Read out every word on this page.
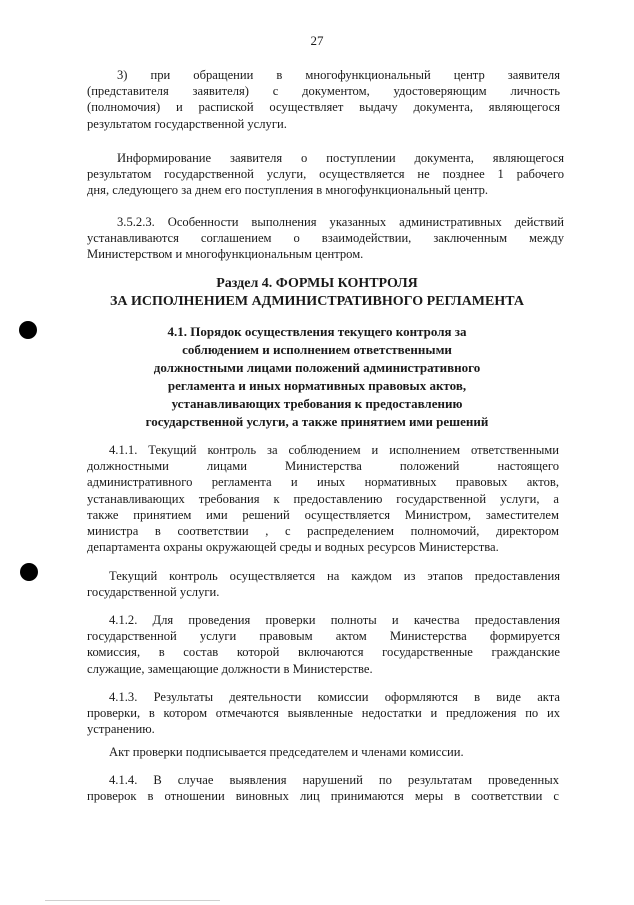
27

3) при обращении в многофункциональный центр заявителя

(представителя заявителя) с документом, удостоверяющим личность

(полномочия) и распиской осуществляет выдачу документа, являющегося

результатом государственной услуги.

Информирование заявителя о поступлении документа, являющегося

результатом государственной услуги, осуществляется не позднее 1 рабочего

дня, следующего за днем его поступления в многофункциональный центр.

3.5.2.3. Особенности выполнения указанных административных действий

устанавливаются соглашением о взаимодействии, заключенным между

Министерством и многофункциональным центром.

Раздел 4. ФОРМЫ КОНТРОЛЯ
ЗА ИСПОЛНЕНИЕМ АДМИНИСТРАТИВНОГО РЕГЛАМЕНТА
4.1. Порядок осуществления текущего контроля за
соблюдением и исполнением ответственными
должностными лицами положений административного
регламента и иных нормативных правовых актов,
устанавливающих требования к предоставлению
государственной услуги, а также принятием ими решений

4.1.1. Текущий контроль за соблюдением и исполнением ответственными

должностными лицами Министерства положений настоящего

административного регламента и иных нормативных правовых актов,

устанавливающих требования к предоставлению государственной услуги, а

также принятием ими решений осуществляется Министром, заместителем

министра в соответствии , с распределением полномочий, директором

департамента охраны окружающей среды и водных ресурсов Министерства.

Текущий контроль осуществляется на каждом из этапов предоставления

государственной услуги.

4.1.2. Для проведения проверки полноты и качества предоставления

государственной услуги правовым актом Министерства формируется

комиссия, в состав которой включаются государственные гражданские

служащие, замещающие должности в Министерстве.

4.1.3. Результаты деятельности комиссии оформляются в виде акта

проверки, в котором отмечаются выявленные недостатки и предложения по их

устранению.

Акт проверки подписывается председателем и членами комиссии.

4.1.4. В случае выявления нарушений по результатам проведенных

проверок в отношении виновных лиц принимаются меры в соответствии с
